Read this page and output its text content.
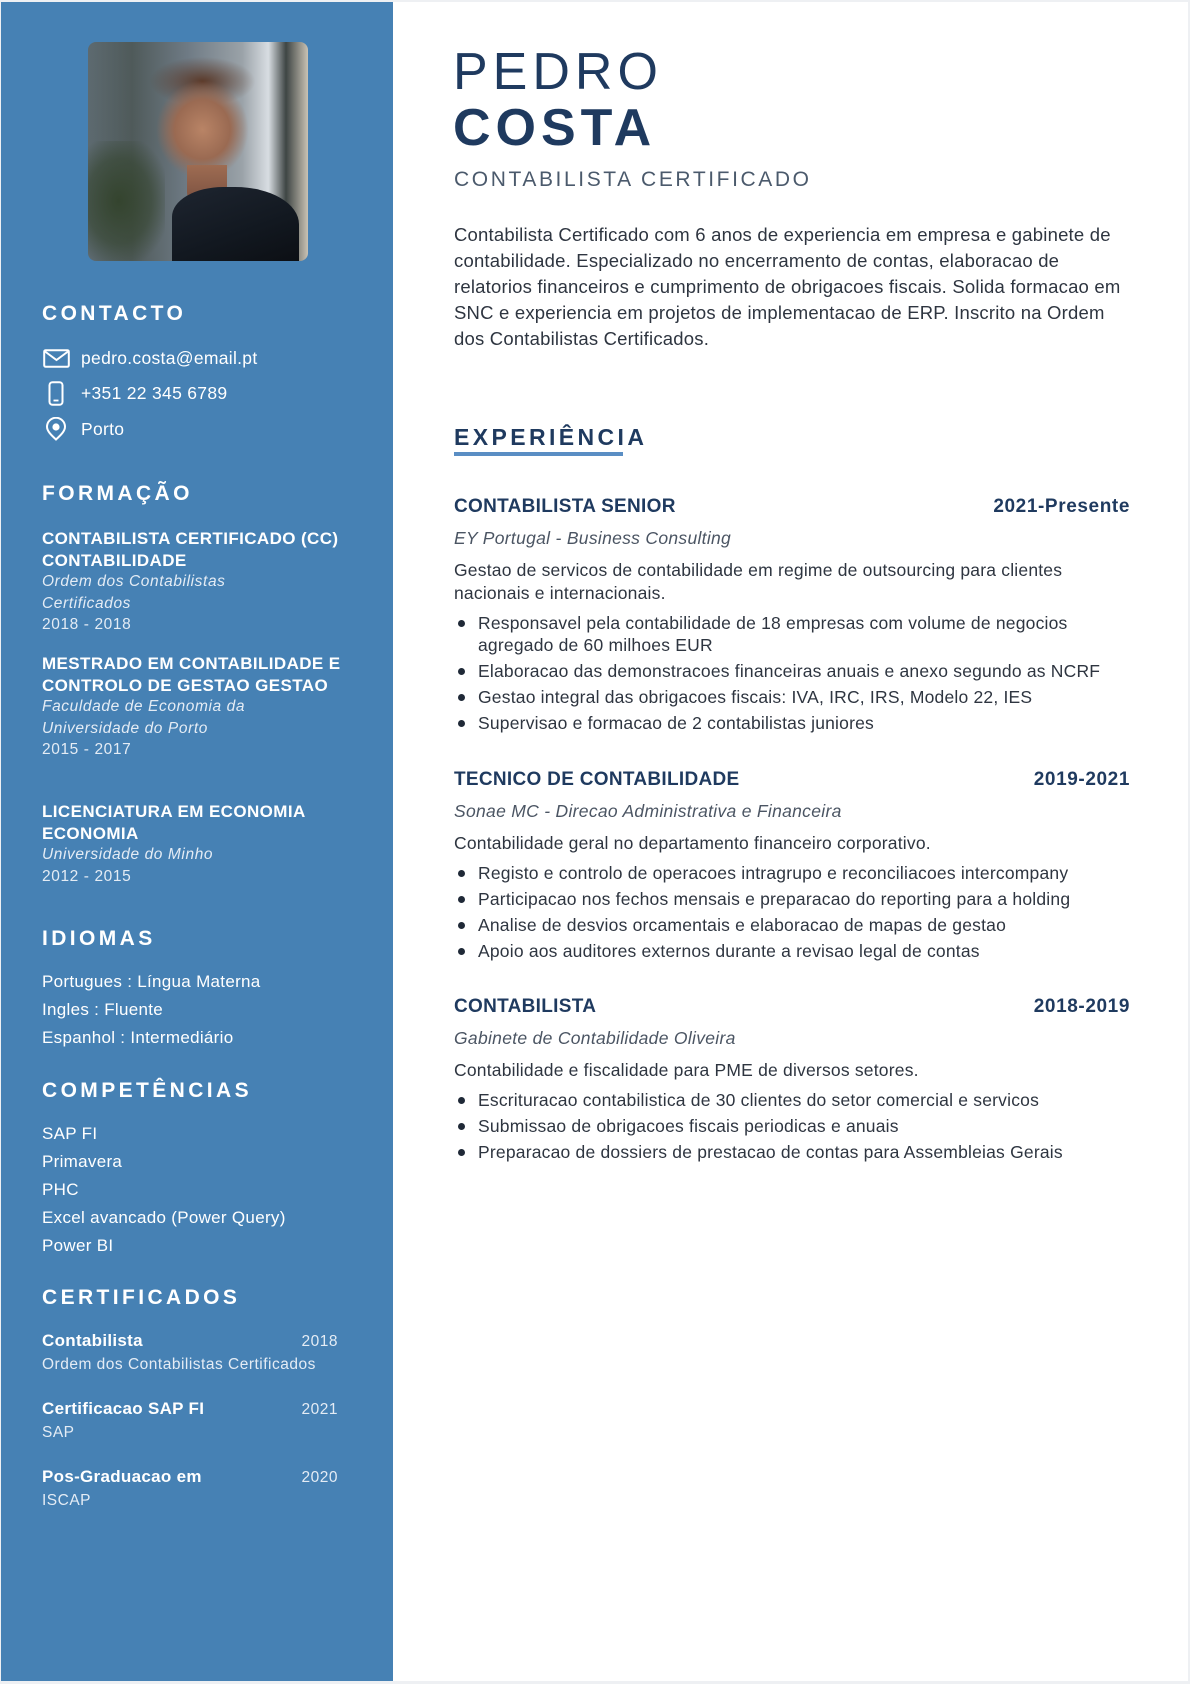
CONTACTO
pedro.costa@email.pt
+351 22 345 6789
Porto
FORMAÇÃO
CONTABILISTA CERTIFICADO (CC) CONTABILIDADE
Ordem dos Contabilistas Certificados
2018 - 2018
MESTRADO EM CONTABILIDADE E CONTROLO DE GESTAO GESTAO
Faculdade de Economia da Universidade do Porto
2015 - 2017
LICENCIATURA EM ECONOMIA ECONOMIA
Universidade do Minho
2012 - 2015
IDIOMAS
Portugues : Língua Materna
Ingles : Fluente
Espanhol : Intermediário
COMPETÊNCIAS
SAP FI
Primavera
PHC
Excel avancado (Power Query)
Power BI
CERTIFICADOS
Contabilista	2018
Ordem dos Contabilistas Certificados
Certificacao SAP FI	2021
SAP
Pos-Graduacao em	2020
ISCAP
PEDRO
COSTA
CONTABILISTA CERTIFICADO

Contabilista Certificado com 6 anos de experiencia em empresa e gabinete de contabilidade. Especializado no encerramento de contas, elaboracao de relatorios financeiros e cumprimento de obrigacoes fiscais. Solida formacao em SNC e experiencia em projetos de implementacao de ERP. Inscrito na Ordem dos Contabilistas Certificados.

EXPERIÊNCIA
CONTABILISTA SENIOR	2021-Presente
EY Portugal - Business Consulting
Gestao de servicos de contabilidade em regime de outsourcing para clientes nacionais e internacionais.
Responsavel pela contabilidade de 18 empresas com volume de negocios agregado de 60 milhoes EUR
Elaboracao das demonstracoes financeiras anuais e anexo segundo as NCRF
Gestao integral das obrigacoes fiscais: IVA, IRC, IRS, Modelo 22, IES
Supervisao e formacao de 2 contabilistas juniores
TECNICO DE CONTABILIDADE	2019-2021
Sonae MC - Direcao Administrativa e Financeira
Contabilidade geral no departamento financeiro corporativo.
Registo e controlo de operacoes intragrupo e reconciliacoes intercompany
Participacao nos fechos mensais e preparacao do reporting para a holding
Analise de desvios orcamentais e elaboracao de mapas de gestao
Apoio aos auditores externos durante a revisao legal de contas
CONTABILISTA	2018-2019
Gabinete de Contabilidade Oliveira
Contabilidade e fiscalidade para PME de diversos setores.
Escrituracao contabilistica de 30 clientes do setor comercial e servicos
Submissao de obrigacoes fiscais periodicas e anuais
Preparacao de dossiers de prestacao de contas para Assembleias Gerais
